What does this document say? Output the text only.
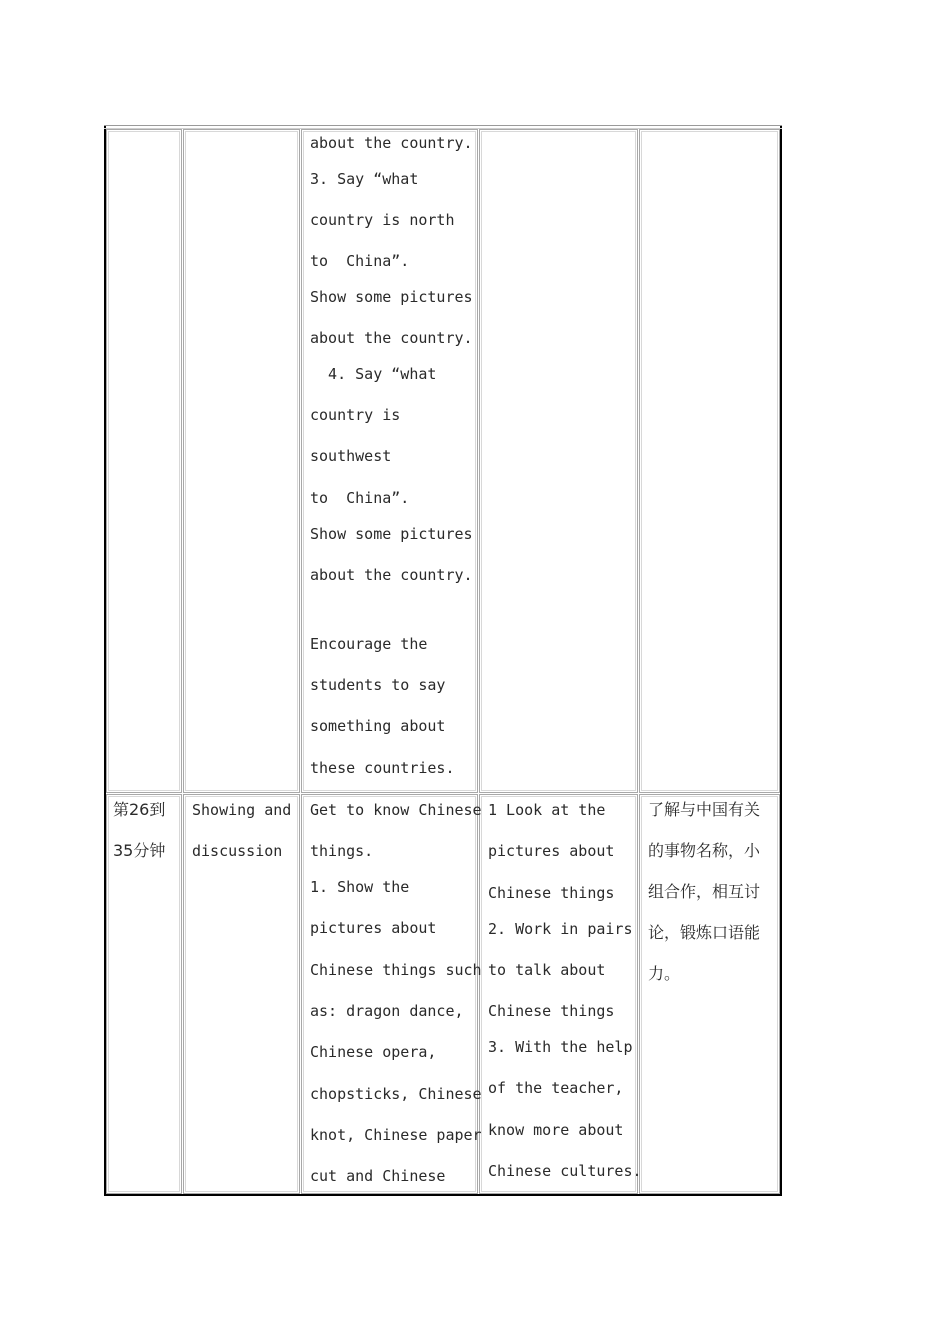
about the country.
3. Say “what
country is north
to  China”.
Show some pictures
about the country.
4. Say “what
country is
southwest
to  China”.
Show some pictures
about the country.
Encourage the
students to say
something about
these countries.
第26到
35分钟
Showing and
discussion
Get to know Chinese
things.
1. Show the
pictures about
Chinese things such
as: dragon dance,
Chinese opera,
chopsticks, Chinese
knot, Chinese paper
cut and Chinese
1 Look at the
pictures about
Chinese things
2. Work in pairs
to talk about
Chinese things
3. With the help
of the teacher,
know more about
Chinese cultures.
了解与中国有关
的事物名称，小
组合作，相互讨
论，锻炼口语能
力。
